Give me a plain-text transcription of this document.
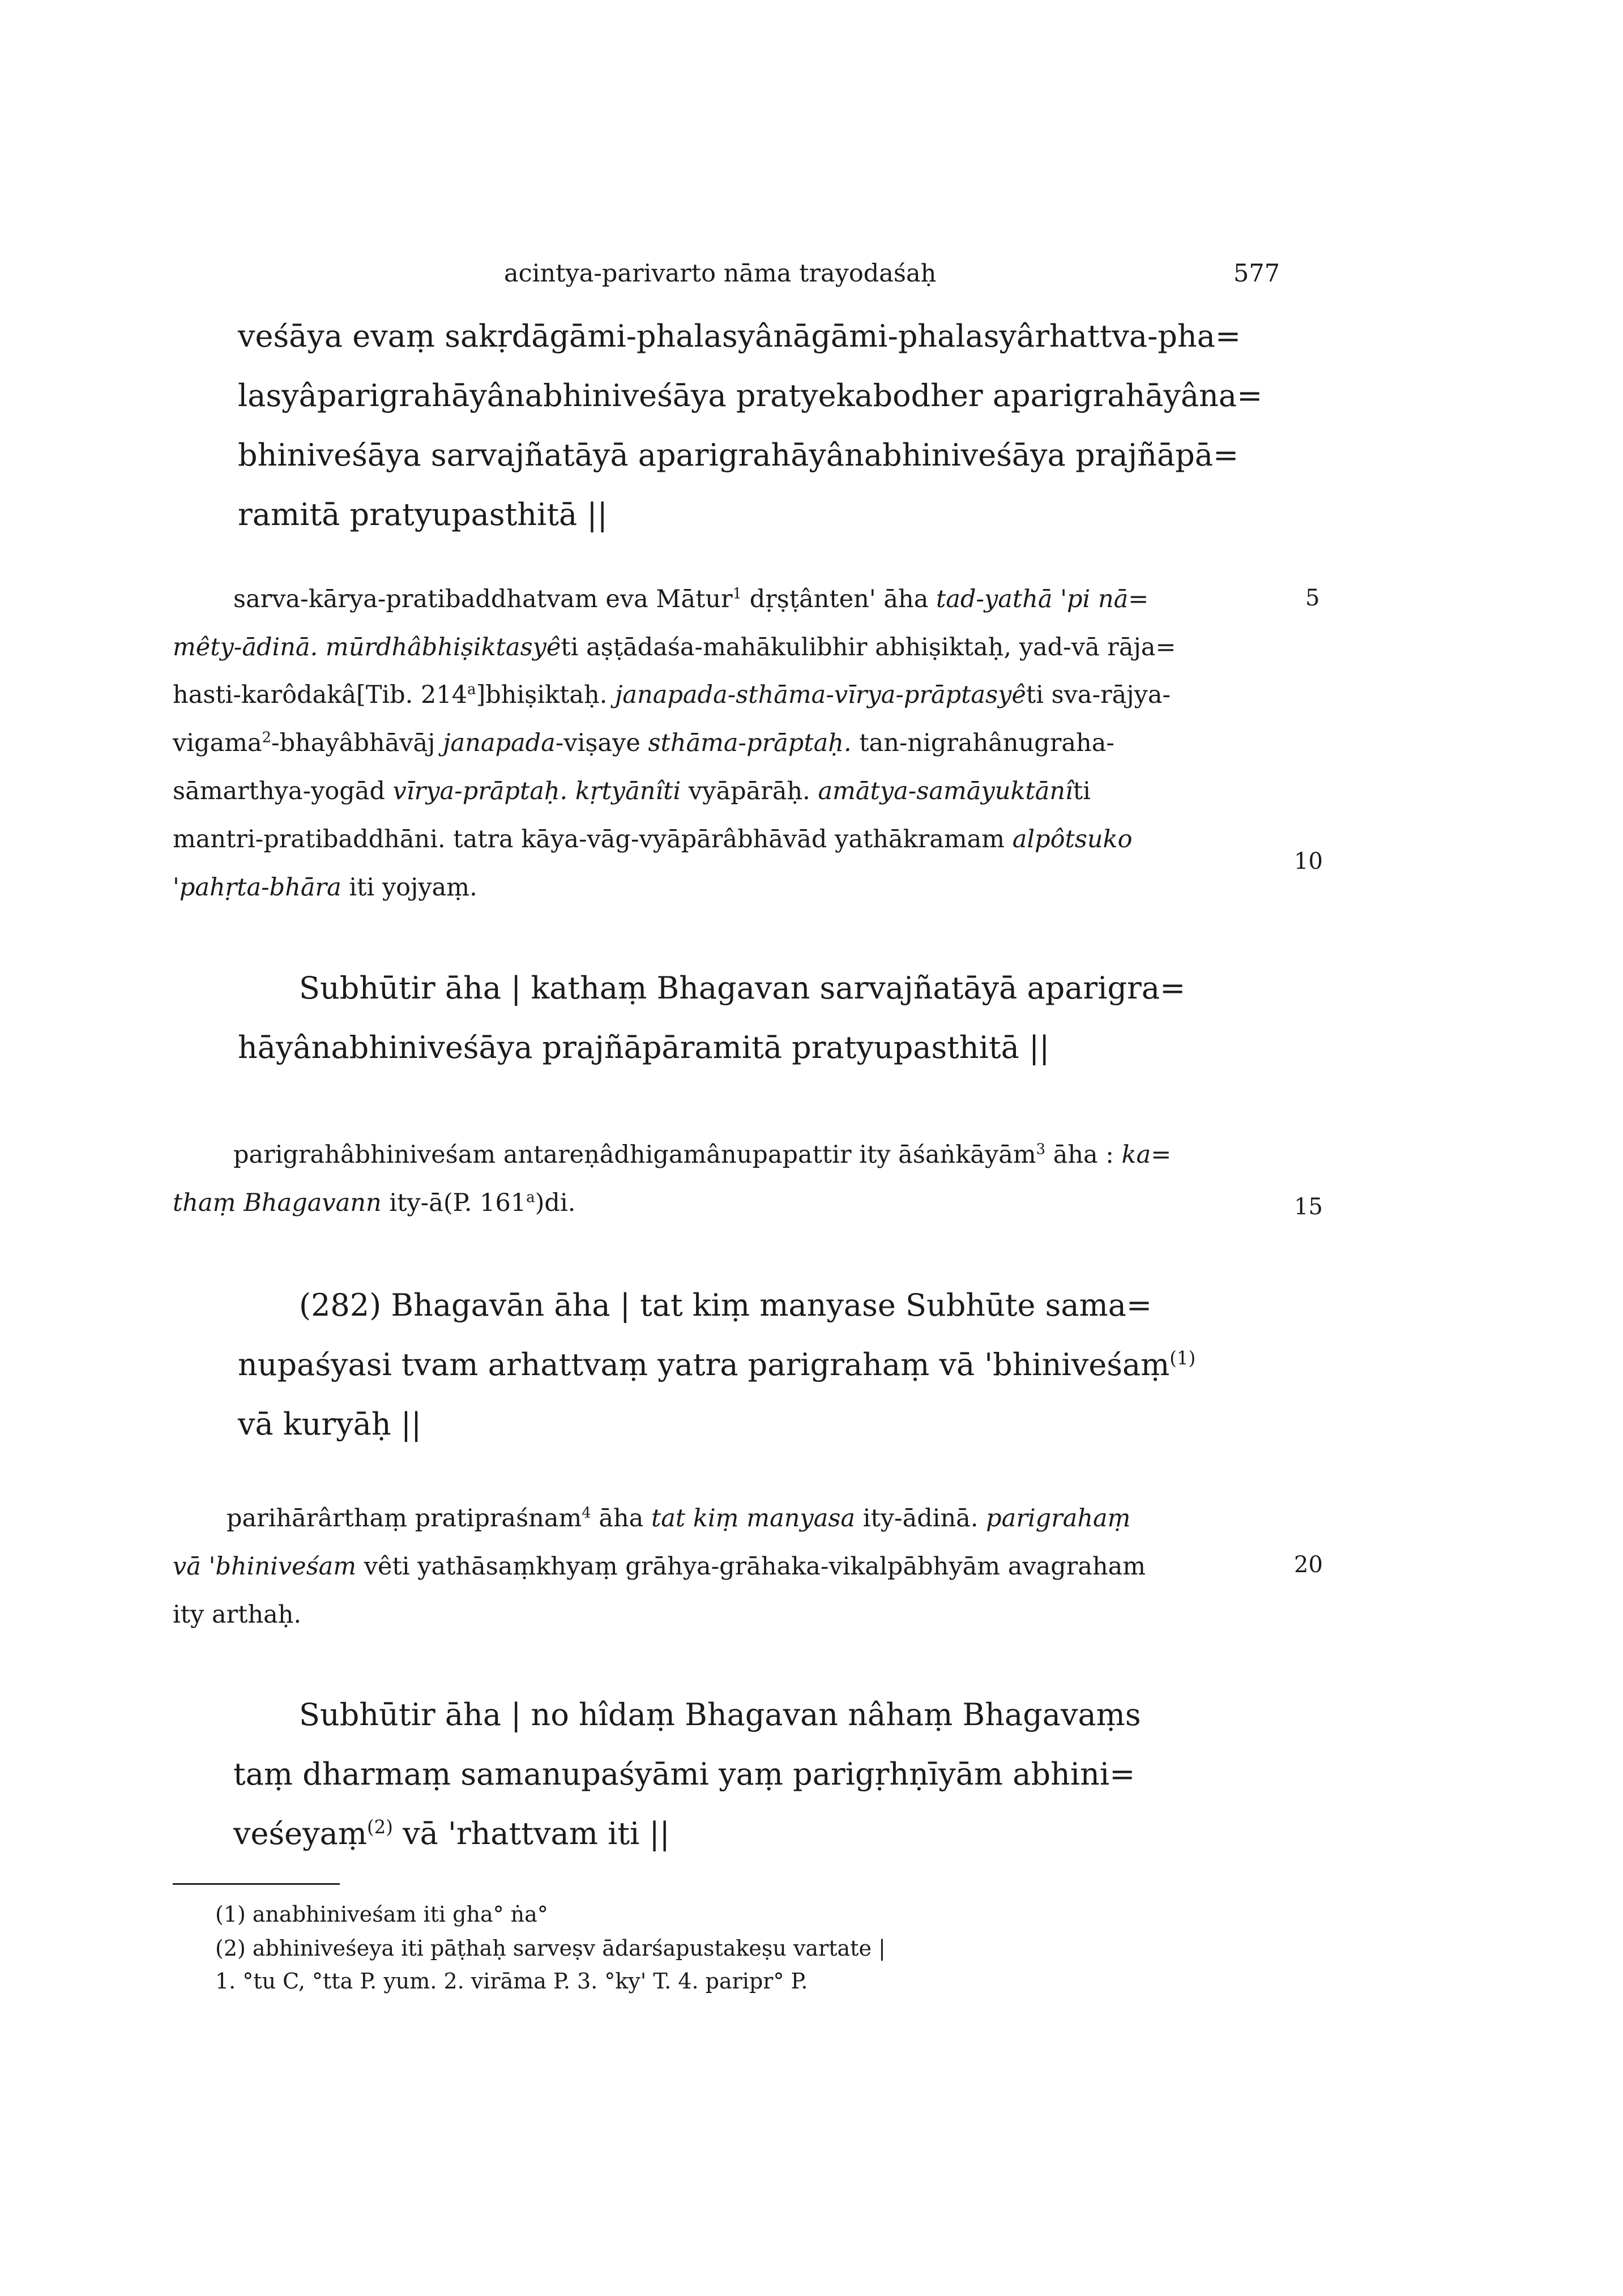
acintya-parivarto nāma trayodaśaḥ	577
veśāya evaṃ sakṛdāgāmi-phalasyânāgāmi-phalasyârhattva-pha=
lasyâparigrahāyânabhiniveśāya pratyekabodher aparigrahāyâna=
bhiniveśāya sarvajñatāyā aparigrahāyânabhiniveśāya prajñāpā=
ramitā pratyupasthitā ||
sarva-kārya-pratibaddhatvam eva Mātur$^1$ dṛṣṭânten' āha tad-yathā 'pi nā=
mêty-ādinā. mūrdhâbhiṣiktasyêti aṣṭādaśa-mahākulibhir abhiṣiktaḥ, yad-vā rāja=
hasti-karôdakâ[Tib. 214$^a$]bhiṣiktaḥ. janapada-sthāma-vīrya-prāptasyêti sva-rājya-
vigama$^2$-bhayâbhāvāj janapada-viṣaye sthāma-prāptaḥ. tan-nigrahânugraha-
sāmarthya-yogād vīrya-prāptaḥ. kṛtyānîti vyāpārāḥ. amātya-samāyuktānîti
mantri-pratibaddhāni. tatra kāya-vāg-vyāpārâbhāvād yathākramam alpôtsuko
'pahṛta-bhāra iti yojyaṃ.
Subhūtir āha | kathaṃ Bhagavan sarvajñatāyā aparigra=
hāyânabhiniveśāya prajñāpāramitā pratyupasthitā ||
parigrahâbhiniveśam antareṇâdhigamânupapattir ity āśaṅkāyām$^3$ āha : ka=
thaṃ Bhagavann ity-ā(P. 161$^a$)di.
(282) Bhagavān āha | tat kiṃ manyase Subhūte sama=
nupaśyasi tvam arhattvaṃ yatra parigrahaṃ vā 'bhiniveśaṃ$^{(1)}$
vā kuryāḥ ||
parihārârthaṃ pratipraśnam$^4$ āha tat kiṃ manyasa ity-ādinā. parigrahaṃ
vā 'bhiniveśam vêti yathāsaṃkhyaṃ grāhya-grāhaka-vikalpābhyām avagraham
ity arthaḥ.
Subhūtir āha | no hîdaṃ Bhagavan nâhaṃ Bhagavaṃs
taṃ dharmaṃ samanupaśyāmi yaṃ parigṛhṇīyām abhini=
veśeyaṃ$^{(2)}$ vā 'rhattvam iti ||
5
10
15
20
(1) anabhiniveśam iti gha° ṅa°
(2) abhiniveśeya iti pāṭhaḥ sarveṣv ādarśapustakeṣu vartate |
1. °tu C, °tta P. yum. 2. virāma P. 3. °ky' T. 4. paripr° P.
